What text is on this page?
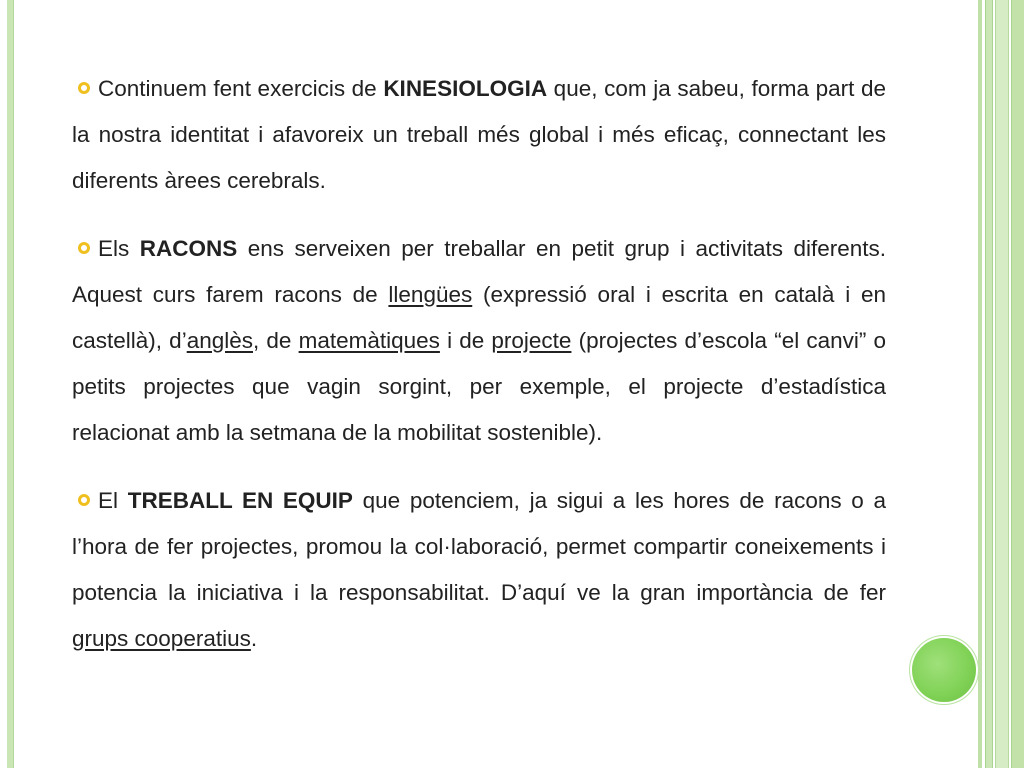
Continuem fent exercicis de KINESIOLOGIA que, com ja sabeu, forma part de la nostra identitat i afavoreix un treball més global i més eficaç, connectant les diferents àrees cerebrals.

Els RACONS ens serveixen per treballar en petit grup i activitats diferents. Aquest curs farem racons de llengües (expressió oral i escrita en català i en castellà), d’anglès, de matemàtiques i de projecte (projectes d’escola “el canvi” o petits projectes que vagin sorgint, per exemple, el projecte d’estadística relacionat amb la setmana de la mobilitat sostenible).

El TREBALL EN EQUIP que potenciem, ja sigui a les hores de racons o a l’hora de fer projectes, promou la col·laboració, permet compartir coneixements i potencia la iniciativa i la responsabilitat. D’aquí ve la gran importància de fer grups cooperatius.
